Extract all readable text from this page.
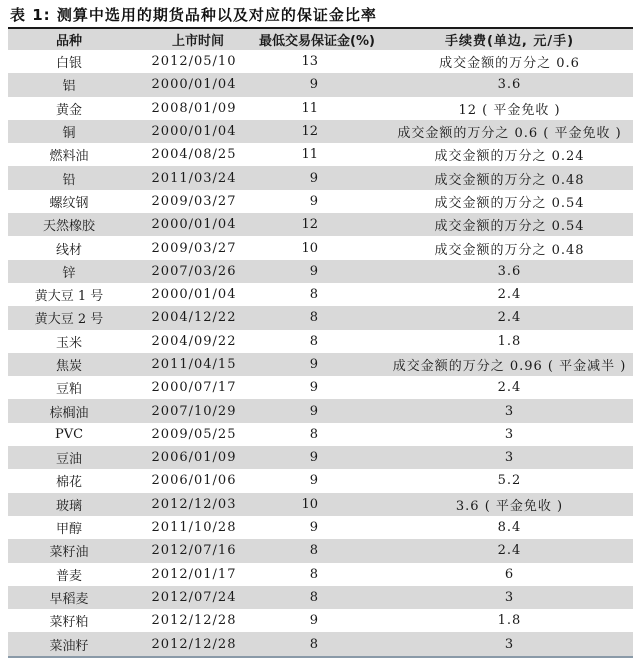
表 1: 测算中选用的期货品种以及对应的保证金比率
品种	上市时间	最低交易保证金(%)	手续费(单边, 元/手)
白银	2012/05/10	13	成交金额的万分之 0.6
铝	2000/01/04	9	3.6
黄金	2008/01/09	11	12 ( 平金免收 )
铜	2000/01/04	12	成交金额的万分之 0.6 ( 平金免收 )
燃料油	2004/08/25	11	成交金额的万分之 0.24
铅	2011/03/24	9	成交金额的万分之 0.48
螺纹钢	2009/03/27	9	成交金额的万分之 0.54
天然橡胶	2000/01/04	12	成交金额的万分之 0.54
线材	2009/03/27	10	成交金额的万分之 0.48
锌	2007/03/26	9	3.6
黄大豆 1 号	2000/01/04	8	2.4
黄大豆 2 号	2004/12/22	8	2.4
玉米	2004/09/22	8	1.8
焦炭	2011/04/15	9	成交金额的万分之 0.96 ( 平金减半 )
豆粕	2000/07/17	9	2.4
棕榈油	2007/10/29	9	3
PVC	2009/05/25	8	3
豆油	2006/01/09	9	3
棉花	2006/01/06	9	5.2
玻璃	2012/12/03	10	3.6 ( 平金免收 )
甲醇	2011/10/28	9	8.4
菜籽油	2012/07/16	8	2.4
普麦	2012/01/17	8	6
早稻麦	2012/07/24	8	3
菜籽粕	2012/12/28	9	1.8
菜油籽	2012/12/28	8	3
